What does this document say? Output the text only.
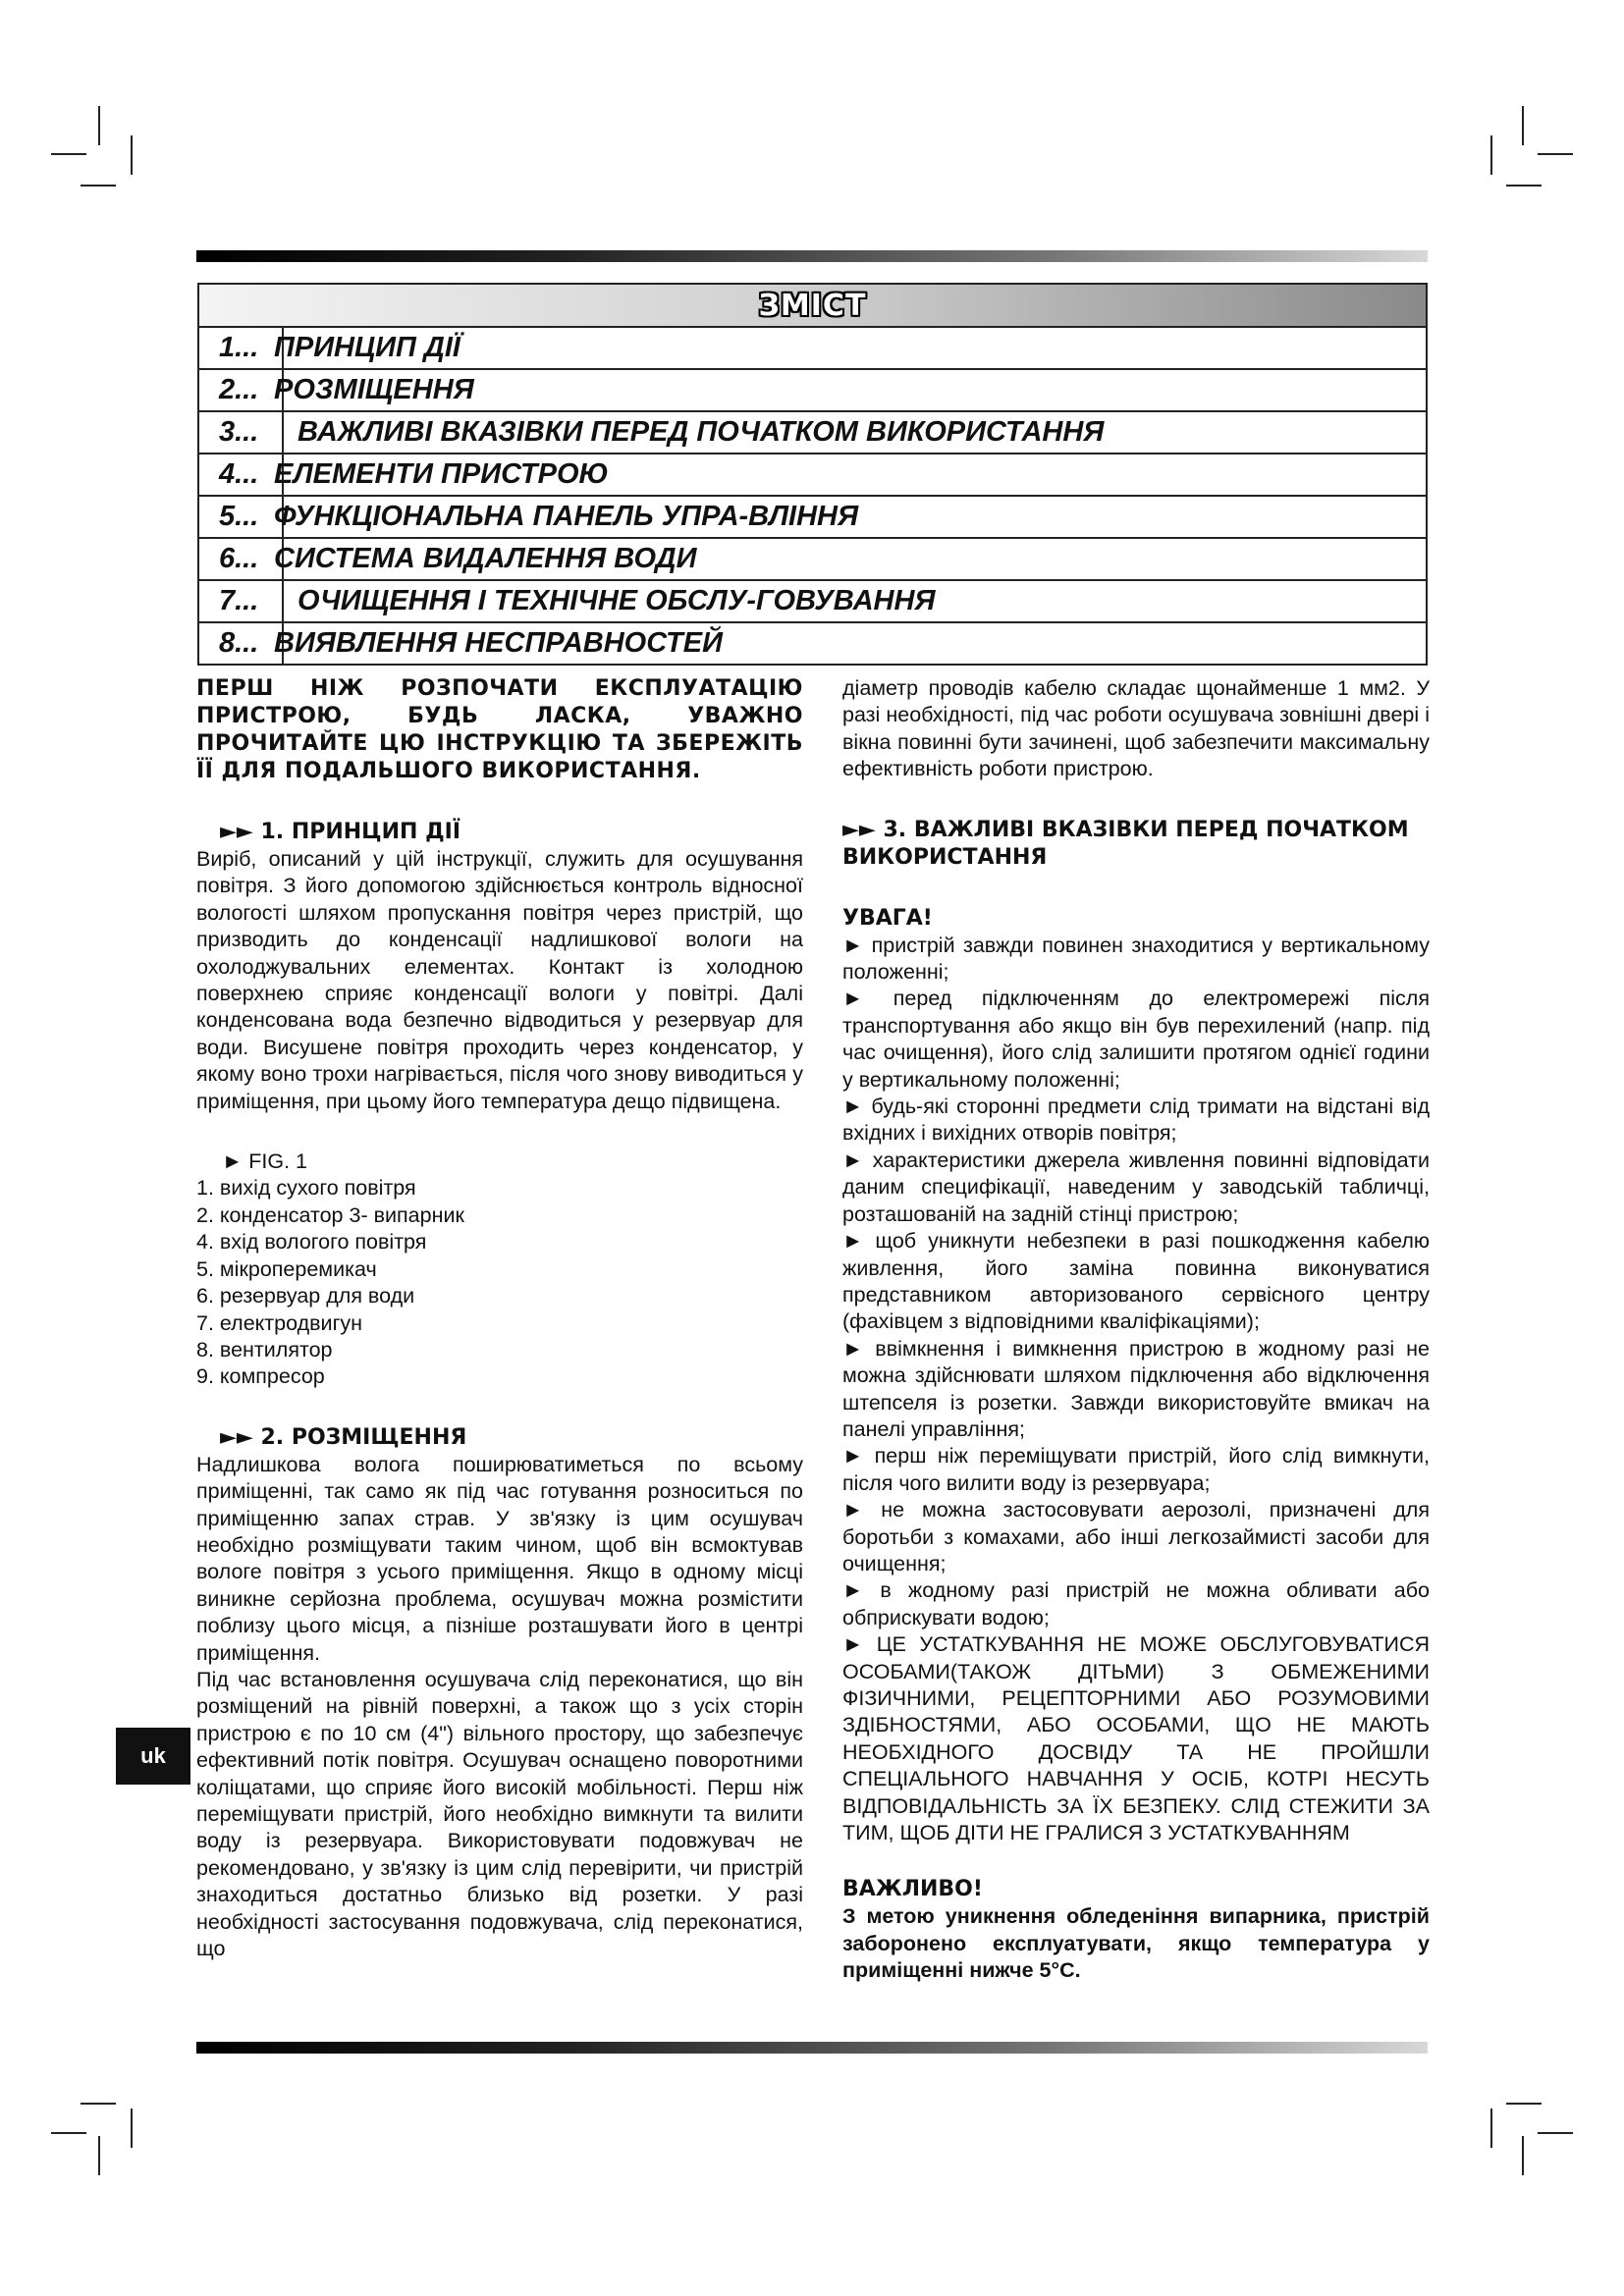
ЗМІСТ
1... ПРИНЦИП ДІЇ
2... РОЗМІЩЕННЯ
3... ВАЖЛИВІ ВКАЗІВКИ ПЕРЕД ПОЧАТКОМ ВИКОРИСТАННЯ
4... ЕЛЕМЕНТИ ПРИСТРОЮ
5... ФУНКЦІОНАЛЬНА ПАНЕЛЬ УПРА-ВЛІННЯ
6... СИСТЕМА ВИДАЛЕННЯ ВОДИ
7... ОЧИЩЕННЯ І ТЕХНІЧНЕ ОБСЛУ-ГОВУВАННЯ
8... ВИЯВЛЕННЯ НЕСПРАВНОСТЕЙ
ПЕРШ НІЖ РОЗПОЧАТИ ЕКСПЛУАТАЦІЮ ПРИСТРОЮ, БУДЬ ЛАСКА, УВАЖНО ПРОЧИТАЙТЕ ЦЮ ІНСТРУКЦІЮ ТА ЗБЕРЕЖІТЬ ЇЇ ДЛЯ ПОДАЛЬШОГО ВИКОРИСТАННЯ.
►► 1. ПРИНЦИП ДІЇ

Виріб, описаний у цій інструкції, служить для осушування повітря. З його допомогою здійснюється контроль відносної вологості шляхом пропускання повітря через пристрій, що призводить до конденсації надлишкової вологи на охолоджувальних елементах. Контакт із холодною поверхнею сприяє конденсації вологи у повітрі. Далі конденсована вода безпечно відводиться у резервуар для води. Висушене повітря проходить через конденсатор, у якому воно трохи нагрівається, після чого знову виводиться у приміщення, при цьому його температура дещо підвищена.

► FIG. 1
1. вихід сухого повітря
2. конденсатор 3- випарник
4. вхід вологого повітря
5. мікроперемикач
6. резервуар для води
7. електродвигун
8. вентилятор
9. компресор
►► 2. РОЗМІЩЕННЯ

Надлишкова волога поширюватиметься по всьому приміщенні, так само як під час готування розноситься по приміщенню запах страв. У зв'язку із цим осушувач необхідно розміщувати таким чином, щоб він всмоктував вологе повітря з усього приміщення. Якщо в одному місці виникне серйозна проблема, осушувач можна розмістити поблизу цього місця, а пізніше розташувати його в центрі приміщення.

Під час встановлення осушувача слід переконатися, що він розміщений на рівній поверхні, а також що з усіх сторін пристрою є по 10 см (4") вільного простору, що забезпечує ефективний потік повітря. Осушувач оснащено поворотними коліщатами, що сприяє його високій мобільності. Перш ніж переміщувати пристрій, його необхідно вимкнути та вилити воду із резервуара. Використовувати подовжувач не рекомендовано, у зв'язку із цим слід перевірити, чи пристрій знаходиться достатньо близько від розетки. У разі необхідності застосування подовжувача, слід переконатися, що

діаметр проводів кабелю складає щонайменше 1 мм2. У разі необхідності, під час роботи осушувача зовнішні двері і вікна повинні бути зачинені, щоб забезпечити максимальну ефективність роботи пристрою.

►► 3. ВАЖЛИВІ ВКАЗІВКИ ПЕРЕД ПОЧАТКОМ ВИКОРИСТАННЯ
УВАГА!

► пристрій завжди повинен знаходитися у вертикальному положенні;

► перед підключенням до електромережі після транспортування або якщо він був перехилений (напр. під час очищення), його слід залишити протягом однієї години у вертикальному положенні;

► будь-які сторонні предмети слід тримати на відстані від вхідних і вихідних отворів повітря;

► характеристики джерела живлення повинні відповідати даним специфікації, наведеним у заводській табличці, розташованій на задній стінці пристрою;

► щоб уникнути небезпеки в разі пошкодження кабелю живлення, його заміна повинна виконуватися представником авторизованого сервісного центру (фахівцем з відповідними кваліфікаціями);

► ввімкнення і вимкнення пристрою в жодному разі не можна здійснювати шляхом підключення або відключення штепселя із розетки. Завжди використовуйте вмикач на панелі управління;

► перш ніж переміщувати пристрій, його слід вимкнути, після чого вилити воду із резервуара;

► не можна застосовувати аерозолі, призначені для боротьби з комахами, або інші легкозаймисті засоби для очищення;

► в жодному разі пристрій не можна обливати або обприскувати водою;

► ЦЕ УСТАТКУВАННЯ НЕ МОЖЕ ОБСЛУГОВУВАТИСЯ ОСОБАМИ(ТАКОЖ ДІТЬМИ) З ОБМЕЖЕНИМИ ФІЗИЧНИМИ, РЕЦЕПТОРНИМИ АБО РОЗУМОВИМИ ЗДІБНОСТЯМИ, АБО ОСОБАМИ, ЩО НЕ МАЮТЬ НЕОБХІДНОГО ДОСВІДУ ТА НЕ ПРОЙШЛИ СПЕЦІАЛЬНОГО НАВЧАННЯ У ОСІБ, КОТРІ НЕСУТЬ ВІДПОВІДАЛЬНІСТЬ ЗА ЇХ БЕЗПЕКУ. СЛІД СТЕЖИТИ ЗА ТИМ, ЩОБ ДІТИ НЕ ГРАЛИСЯ З УСТАТКУВАННЯМ

ВАЖЛИВО!

З метою уникнення обледеніння випарника, пристрій заборонено експлуатувати, якщо температура у приміщенні нижче 5°С.

uk
